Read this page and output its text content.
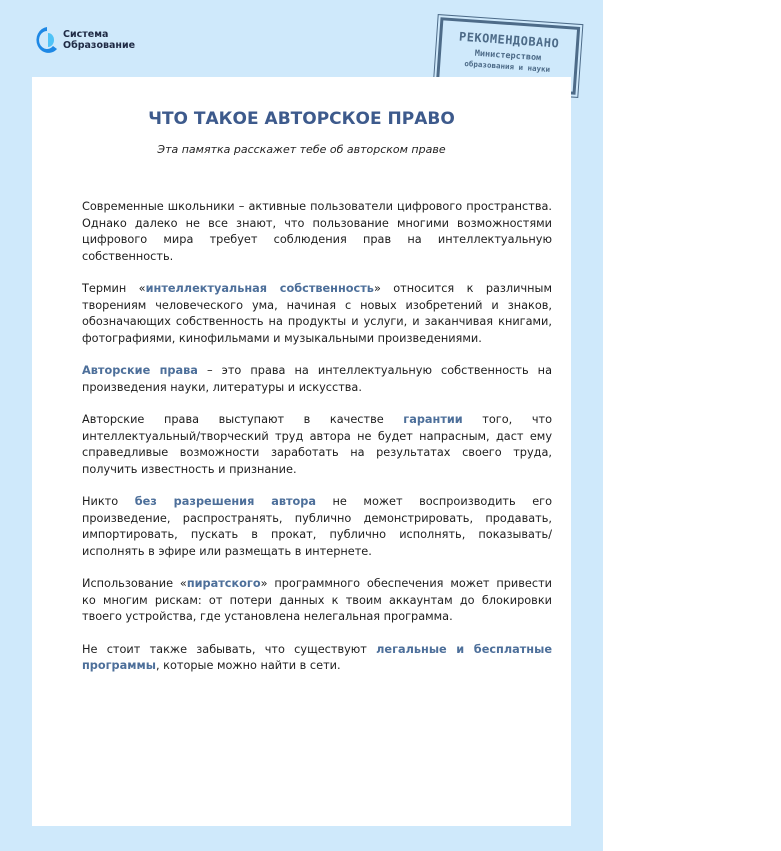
Система
Образование	РЕКОМЕНДОВАНО
Министерством
образования и науки
ЧТО ТАКОЕ АВТОРСКОЕ ПРАВО
Эта памятка расскажет тебе об авторском праве

Современные школьники – активные пользователи цифрового пространства. Однако далеко не все знают, что пользование многими возможностями цифрового мира требует соблюдения прав на интеллектуальную собственность.

Термин «интеллектуальная собственность» относится к различным творениям человеческого ума, начиная с новых изобретений и знаков, обозначающих собственность на продукты и услуги, и заканчивая книгами, фотографиями, кинофильмами и музыкальными произведениями.

Авторские права – это права на интеллектуальную собственность на произведения науки, литературы и искусства.

Авторские права выступают в качестве гарантии того, что интеллектуальный/творческий труд автора не будет напрасным, даст ему справедливые возможности заработать на результатах своего труда, получить известность и признание.

Никто без разрешения автора не может воспроизводить его произведение, распространять, публично демонстрировать, продавать, импортировать, пускать в прокат, публично исполнять, показывать/исполнять в эфире или размещать в интернете.

Использование «пиратского» программного обеспечения может привести ко многим рискам: от потери данных к твоим аккаунтам до блокировки твоего устройства, где установлена нелегальная программа.

Не стоит также забывать, что существуют легальные и бесплатные программы, которые можно найти в сети.
